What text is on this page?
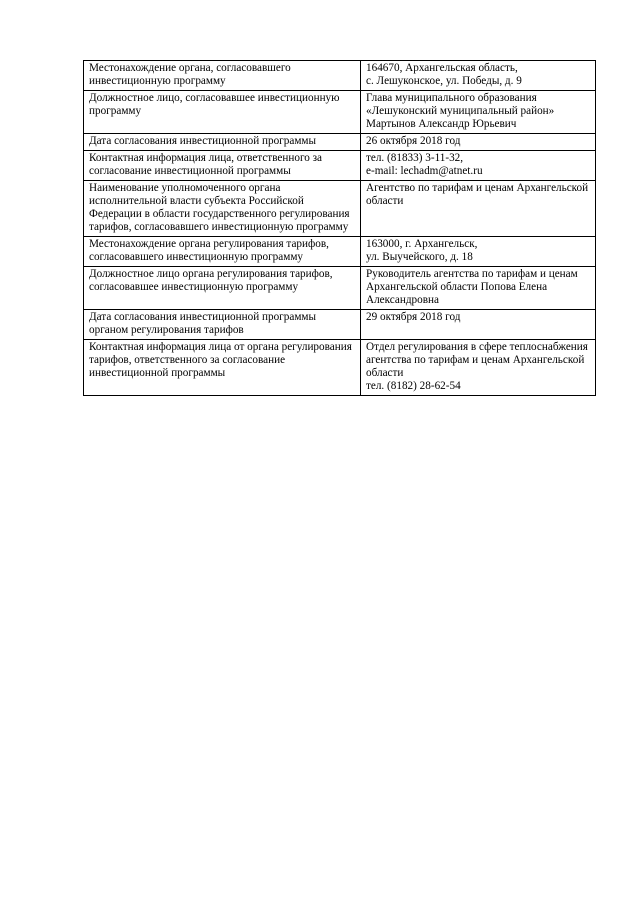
Местонахождение органа, согласовавшего инвестиционную программу	164670, Архангельская область,
с. Лешуконское, ул. Победы, д. 9
Должностное лицо, согласовавшее инвестиционную программу	Глава муниципального образования «Лешуконский муниципальный район» Мартынов Александр Юрьевич
Дата согласования инвестиционной программы	26 октября 2018 год
Контактная информация лица, ответственного за согласование инвестиционной программы	тел. (81833) 3-11-32,
e-mail: lechadm@atnet.ru
Наименование уполномоченного органа исполнительной власти субъекта Российской Федерации в области государственного регулирования тарифов, согласовавшего инвестиционную программу	Агентство по тарифам и ценам Архангельской области
Местонахождение органа регулирования тарифов, согласовавшего инвестиционную программу	163000, г. Архангельск,
ул. Выучейского, д. 18
Должностное лицо органа регулирования тарифов, согласовавшее инвестиционную программу	Руководитель агентства по тарифам и ценам Архангельской области Попова Елена Александровна
Дата согласования инвестиционной программы органом регулирования тарифов	29 октября 2018 год
Контактная информация лица от органа регулирования тарифов, ответственного за согласование инвестиционной программы	Отдел регулирования в сфере теплоснабжения агентства по тарифам и ценам Архангельской области
тел. (8182) 28-62-54
